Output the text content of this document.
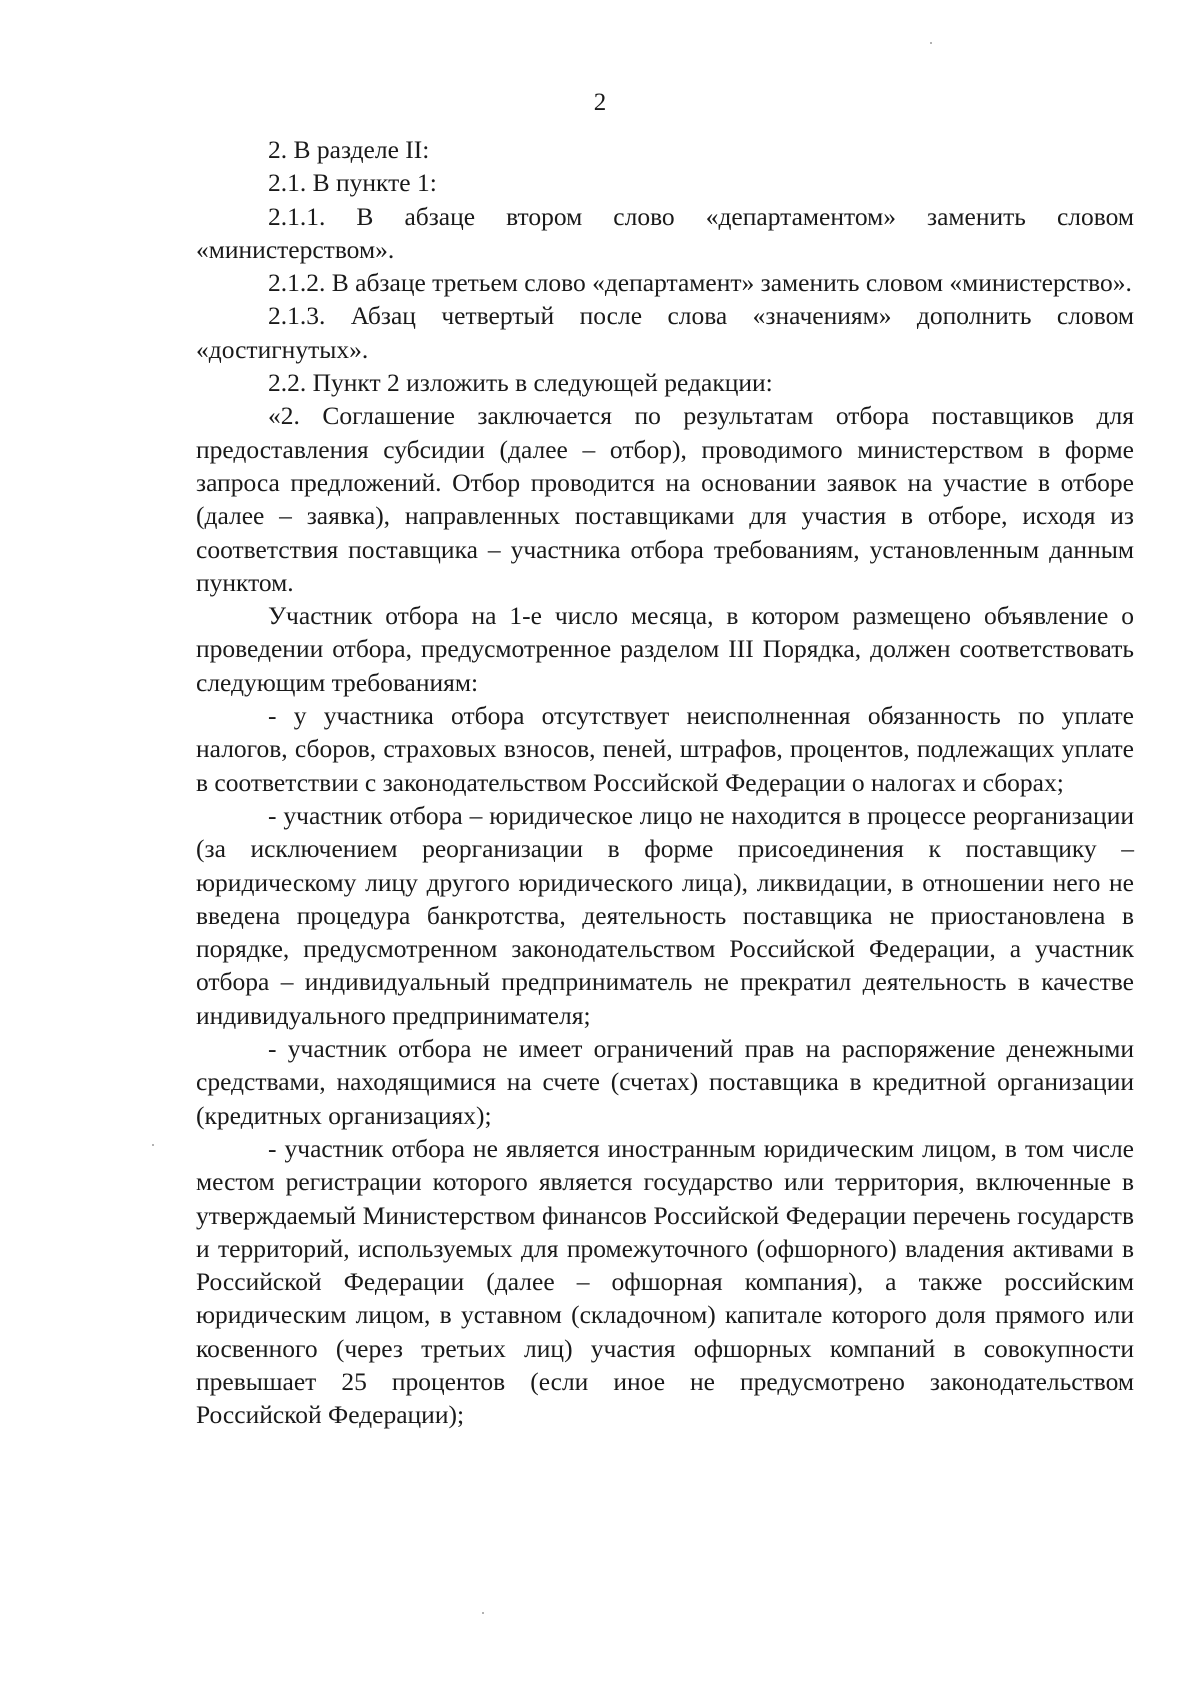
2

2. В разделе II:

2.1. В пункте 1:

2.1.1. В абзаце втором слово «департаментом» заменить словом «министерством».

2.1.2. В абзаце третьем слово «департамент» заменить словом «министерство».

2.1.3. Абзац четвертый после слова «значениям» дополнить словом «достигнутых».

2.2. Пункт 2 изложить в следующей редакции:

«2. Соглашение заключается по результатам отбора поставщиков для предоставления субсидии (далее – отбор), проводимого министерством в форме запроса предложений. Отбор проводится на основании заявок на участие в отборе (далее – заявка), направленных поставщиками для участия в отборе, исходя из соответствия поставщика – участника отбора требованиям, установленным данным пунктом.

Участник отбора на 1-е число месяца, в котором размещено объявление о проведении отбора, предусмотренное разделом III Порядка, должен соответствовать следующим требованиям:

- у участника отбора отсутствует неисполненная обязанность по уплате налогов, сборов, страховых взносов, пеней, штрафов, процентов, подлежащих уплате в соответствии с законодательством Российской Федерации о налогах и сборах;

- участник отбора – юридическое лицо не находится в процессе реорганизации (за исключением реорганизации в форме присоединения к поставщику – юридическому лицу другого юридического лица), ликвидации, в отношении него не введена процедура банкротства, деятельность поставщика не приостановлена в порядке, предусмотренном законодательством Российской Федерации, а участник отбора – индивидуальный предприниматель не прекратил деятельность в качестве индивидуального предпринимателя;

- участник отбора не имеет ограничений прав на распоряжение денежными средствами, находящимися на счете (счетах) поставщика в кредитной организации (кредитных организациях);

- участник отбора не является иностранным юридическим лицом, в том числе местом регистрации которого является государство или территория, включенные в утверждаемый Министерством финансов Российской Федерации перечень государств и территорий, используемых для промежуточного (офшорного) владения активами в Российской Федерации (далее – офшорная компания), а также российским юридическим лицом, в уставном (складочном) капитале которого доля прямого или косвенного (через третьих лиц) участия офшорных компаний в совокупности превышает 25 процентов (если иное не предусмотрено законодательством Российской Федерации);
